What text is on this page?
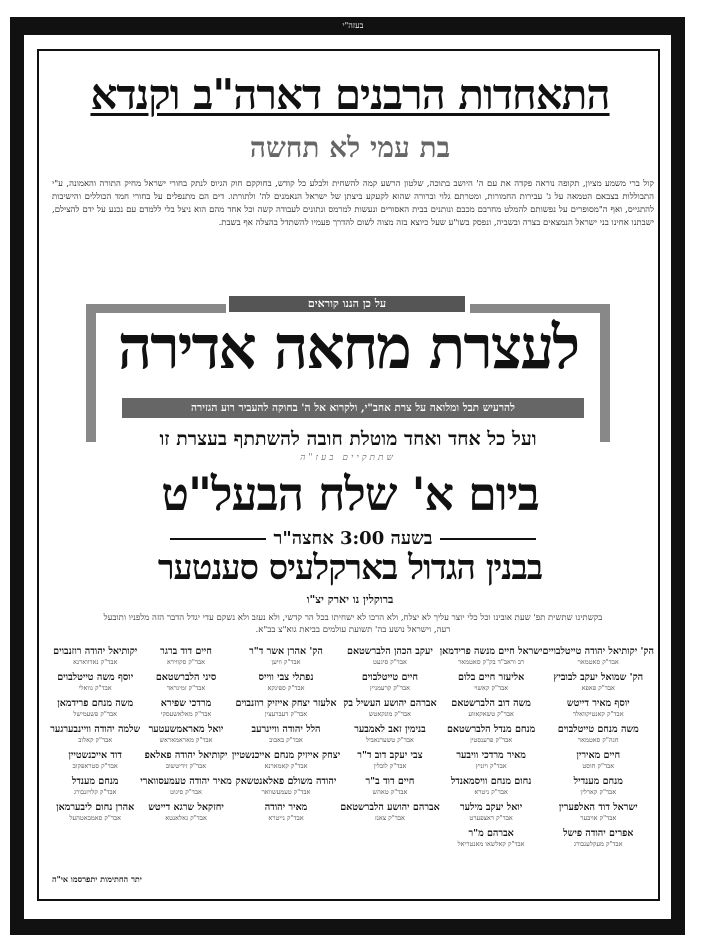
בעזה"י
התאחדות הרבנים דארה"ב וקנדא
בת עמי לא תחשה
קול ברי משמע מציון, תקופה נוראה פקדה את עם ה' היושב בתוכה, שלטון הרשע קמה להשחית ולבלע כל קודש, בחוקקם חוק הגיוס לנתק בחורי ישראל מחיק התורה והאמונה, ע"י התבוללות בצבאם הטמאה על ג' עבירות החמורות, ומטרתם גלוי וברורה שהוא לקעקע ביצתן של ישראל הנאמנים לה' ולתורתו. דים הם מתנפלים על בחורי חמד הכוללים והישיבות להתגייס, ואף ה"מסופרים על נפשותם להמלט מחרבם מכבם ונותנים בבית האסורים ונעשות למרמס ונתונים לעבודה קשה וכל אחד מהם הוא ניצל בלי ללמדם עם נכנע על ידם להצילם, ישבתנו אחינו בני ישראל הנמצאים בצרה ובשביה, ונפסק בשו"ע שעל כיוצא בזה מצוה לשום להדרך פעמיו להשתדל בהצלה אף בשבת.
על כן הננו קוראים
לעצרת מחאה אדירה
להרעיש תבל ומלואה על צרת אחב"י, ולקרוא אל ה' בחוקה להעביר רוע הגזירה
ועל כל אחד ואחד מוטלת חובה להשתתף בעצרת זו
שתתקיים בעז"ה
ביום א' שלח הבעל"ט
בשעה 3:00 אחצה"ר
בבנין הגדול בארקלעיס סענטער
ברוקלין נו יארק יצ"ו
בקשתינו שתשית תפ' שעת אובינו וכל כלי יוצר עליך לא יצלח, ולא הרכו לא ישחיתו בכל הר קדשי, ולא נעזב ולא נשקם עדי יגדל הדבר הזה מלפניו ותובעל רעה, וישראל נושע בה' תשועת עולמים בביאת גוא"צ בב"א.
הק' יקותיאל יהודה טייטלבויים
אבד"ק סאטמאר
ישראל חיים מנשה פרידמאן
רב וראב"ד בק"ק סאטמאר
יעקב הכהן הלברשטאם
אבד"ק סיגעט
הק' אהרן אשר ד"ר
אבד"ק וויען
חיים דוד ברגר
אבד"ק סקווירא
יקותיאל יהודה רוזנבוים
אבד"ק נאדווארנא
הק' שמואל יעקב לבוביץ
אבד"ק פאפא
אליעזר חיים בלום
אבד"ק קאשוי
חיים טייטלבוים
אבד"ק קרעמניץ
נפתלי צבי ווייס
אבד"ק ספינקא
סיני הלברשטאם
אבד"ק זמיגראד
יוסף משה טייטלבוים
אבד"ק גוואלי
יוסף מאיר דייטש
אבד"ק קאנטיקוואלד
משה דוב הלברשטאם
אבד"ק טשאקאווע
אברהם יהושע העשיל בק
אבד"ק מונקאטש
אלעזר יצחק אייזיק רוזנבוים
אבד"ק דעברעצין
מרדכי שפירא
אבד"ק מאלאשעסקי
משה מנחם פרידמאן
אבד"ק פשעמישל
משה מנחם טייטלבוים
חגה"ק סאטמאר
מנחם מנדל הלברשטאם
אבד"ק פרענסטין
בנימין זאב לאמבער
אבד"ק טשערנאביל
הלל יהודה וויינרעב
אבד"ק באבוב
יואל מאראמשעטער
אבד"ק מאראמאראש
שלמה יהודה וויינבערגער
אבד"ק קאלוב
חיים מאירין
אבד"ק חוסט
מאיר מרדכי וויבער
אבד"ק ויזניץ
צבי יעקב דוב ד"ר
אבד"ק לובלין
יצחק אייזיק מנחם אייכנשטיין
אבד"ק קאמארנא
יקותיאל יהודה פאלאפ
אבד"ק זידיטשוב
דוד אייכנשטיין
אבד"ק סטראפקוב
מנחם מענדיל
אבד"ק קארלין
נחום מנחם וויסמאנדל
אבד"ק ניטרא
חיים דוד ב"ר
אבד"ק טאהש
יהודה משולם פאלאנטשאק
אבד"ק טעמעשוואר
מאיר יהודה טעמעסווארי
אבד"ק סיגוט
מנחם מענדל
אבד"ק קלויזנבורג
ישראל דוד האלפערין
אבד"ק אויבער
יואל יעקב מילער
אבד"ק ראצפערט
אברהם יהושע הלברשטאם
אבד"ק צאנז
מאיר יהודה
אבד"ק נייטרא
יחזקאל שרגא דייטש
אבד"ק גאלאנטא
אהרן נחום ליבערמאן
אבד"ק סאמבאטהעל
אפרים יהודה פישל
אבד"ק מעקלענבורג
אברהם מ"ר
אבד"ק קאלשאו מאנטריאל
יתר החתימות יתפרסמו אי"ה
